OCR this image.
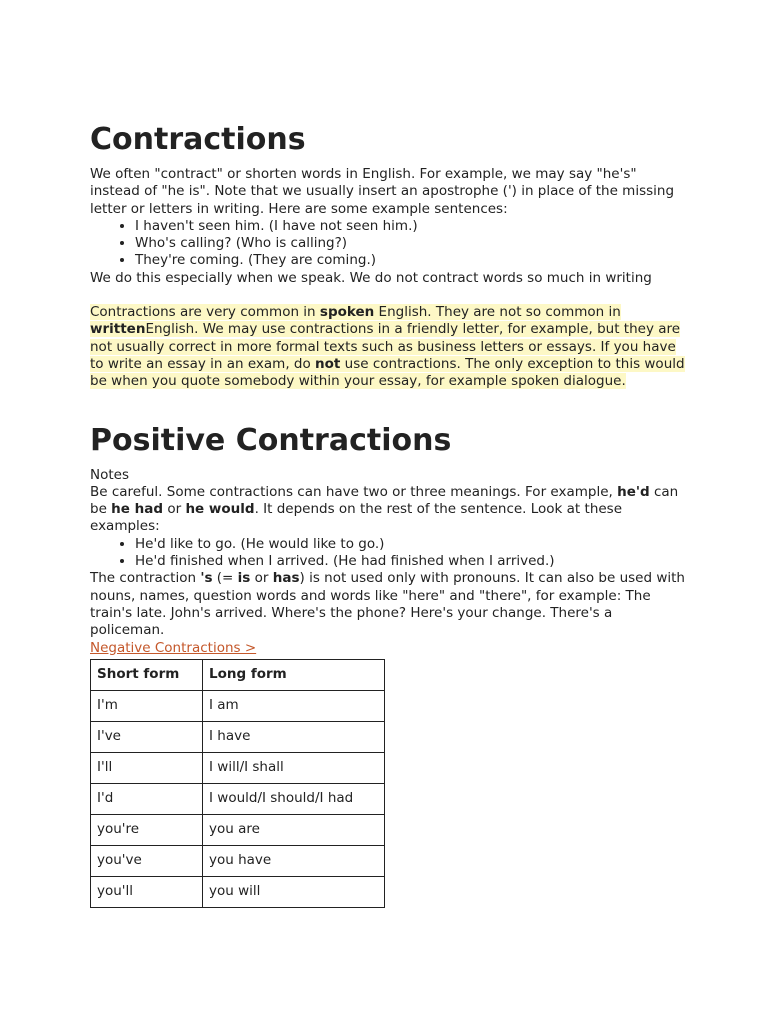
Contractions

We often "contract" or shorten words in English. For example, we may say "he's" instead of "he is". Note that we usually insert an apostrophe (') in place of the missing letter or letters in writing. Here are some example sentences:

• I haven't seen him. (I have not seen him.)
• Who's calling? (Who is calling?)
• They're coming. (They are coming.)

We do this especially when we speak. We do not contract words so much in writing

Contractions are very common in spoken English. They are not so common in writtenEnglish. We may use contractions in a friendly letter, for example, but they are not usually correct in more formal texts such as business letters or essays. If you have to write an essay in an exam, do not use contractions. The only exception to this would be when you quote somebody within your essay, for example spoken dialogue.

Positive Contractions

Notes

Be careful. Some contractions can have two or three meanings. For example, he'd can be he had or he would. It depends on the rest of the sentence. Look at these examples:

• He'd like to go. (He would like to go.)
• He'd finished when I arrived. (He had finished when I arrived.)

The contraction 's (= is or has) is not used only with pronouns. It can also be used with nouns, names, question words and words like "here" and "there", for example: The train's late. John's arrived. Where's the phone? Here's your change. There's a policeman.

Negative Contractions >

Short form	Long form
I'm	I am
I've	I have
I'll	I will/I shall
I'd	I would/I should/I had
you're	you are
you've	you have
you'll	you will
